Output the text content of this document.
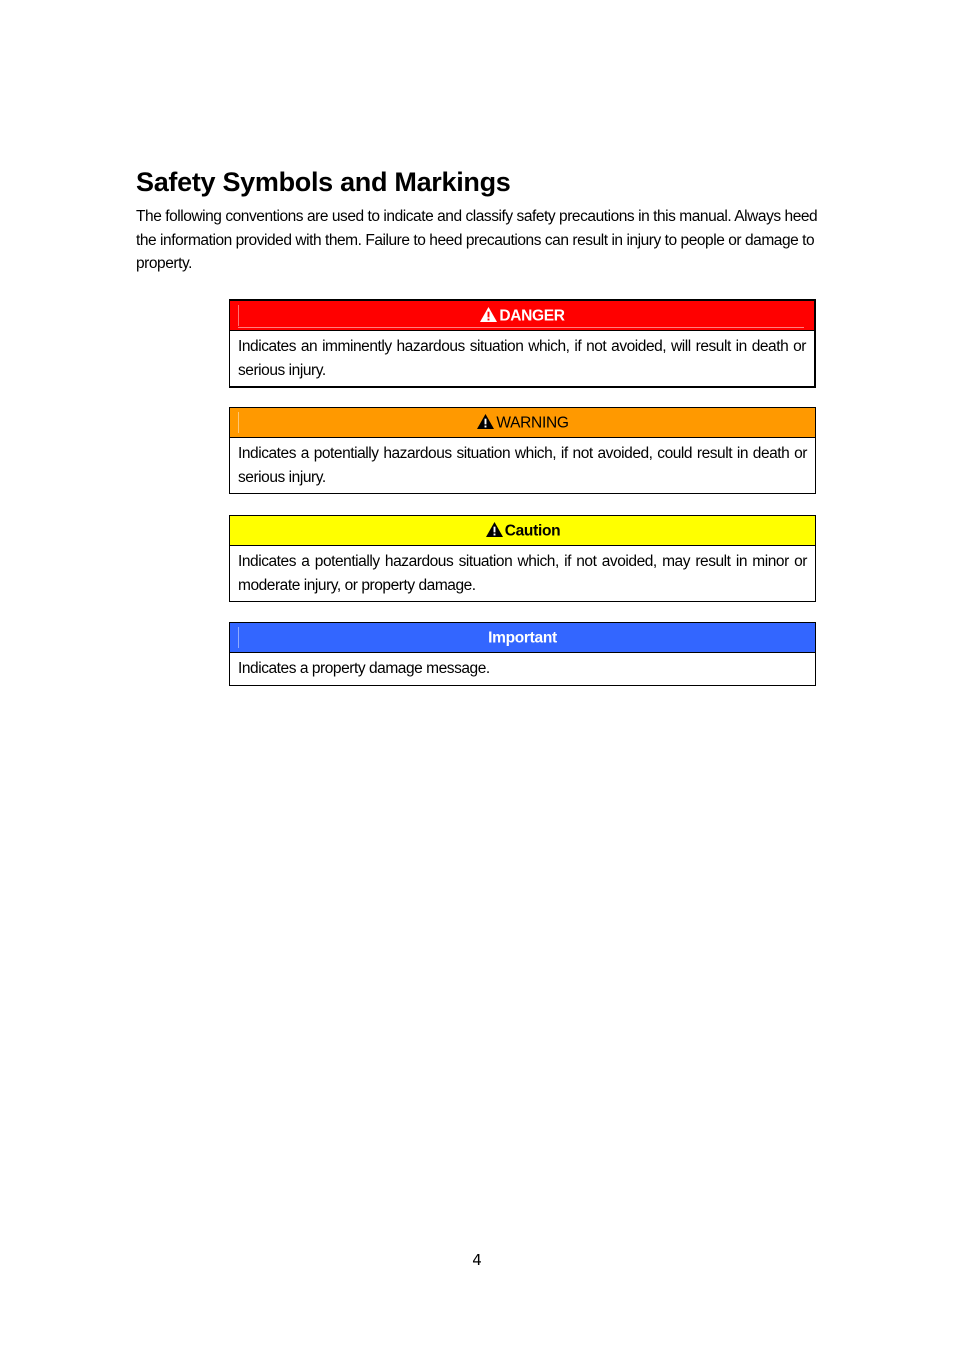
Safety Symbols and Markings

The following conventions are used to indicate and classify safety precautions in this manual. Always heed the information provided with them. Failure to heed precautions can result in injury to people or damage to property.

DANGER
Indicates an imminently hazardous situation which, if not avoided, will result in death or serious injury.
WARNING
Indicates a potentially hazardous situation which, if not avoided, could result in death or serious injury.
Caution
Indicates a potentially hazardous situation which, if not avoided, may result in minor or moderate injury, or property damage.
Important
Indicates a property damage message.
4
